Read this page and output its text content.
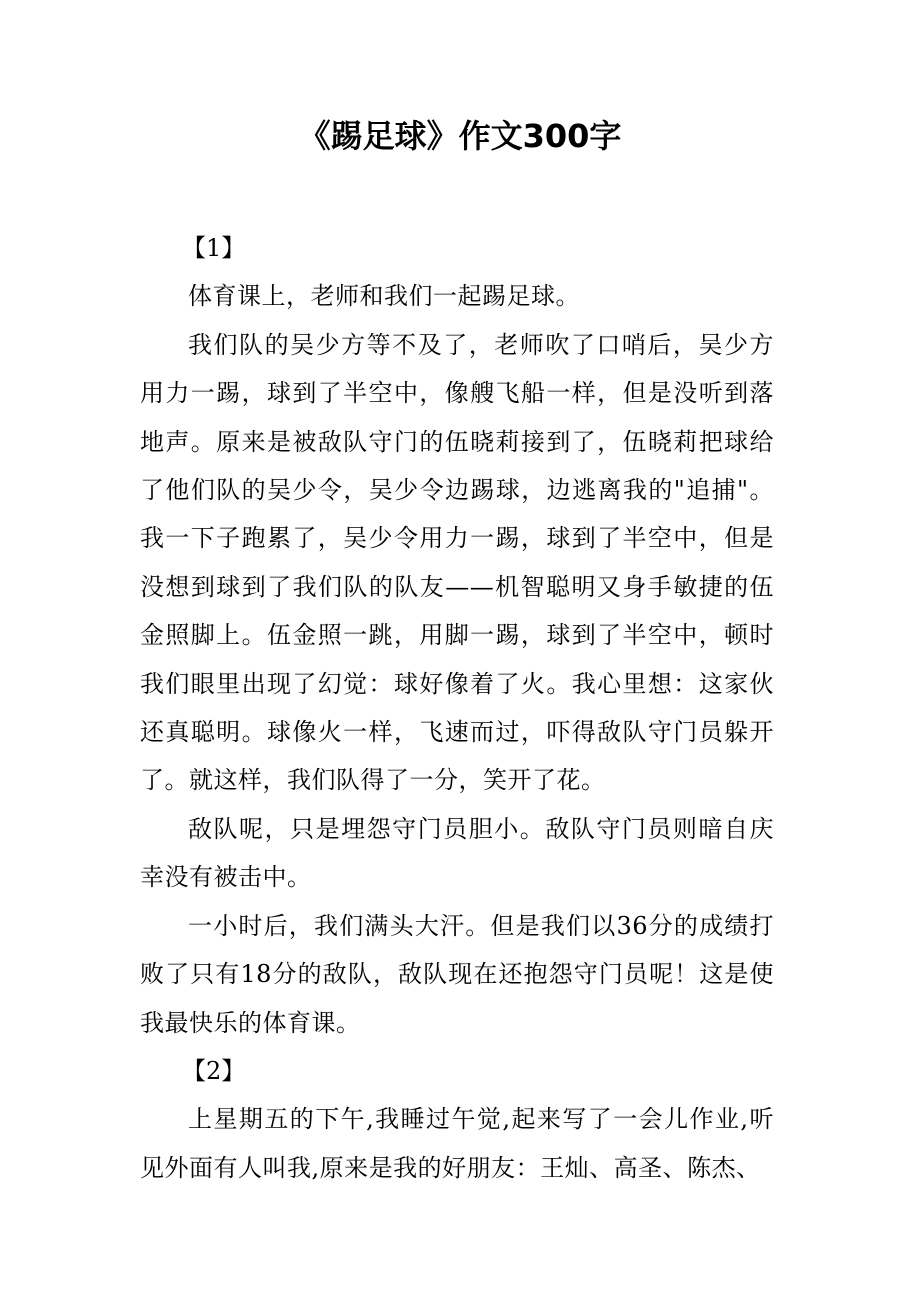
《踢足球》作文300字

【1】

体育课上，老师和我们一起踢足球。

我们队的吴少方等不及了，老师吹了口哨后，吴少方用力一踢，球到了半空中，像艘飞船一样，但是没听到落地声。原来是被敌队守门的伍晓莉接到了，伍晓莉把球给了他们队的吴少令，吴少令边踢球，边逃离我的"追捕"。我一下子跑累了，吴少令用力一踢，球到了半空中，但是没想到球到了我们队的队友——机智聪明又身手敏捷的伍金照脚上。伍金照一跳，用脚一踢，球到了半空中，顿时我们眼里出现了幻觉：球好像着了火。我心里想：这家伙还真聪明。球像火一样，飞速而过，吓得敌队守门员躲开了。就这样，我们队得了一分，笑开了花。

敌队呢，只是埋怨守门员胆小。敌队守门员则暗自庆幸没有被击中。

一小时后，我们满头大汗。但是我们以36分的成绩打败了只有18分的敌队，敌队现在还抱怨守门员呢！这是使我最快乐的体育课。

【2】

上星期五的下午,我睡过午觉,起来写了一会儿作业,听见外面有人叫我,原来是我的好朋友：王灿、高圣、陈杰、
